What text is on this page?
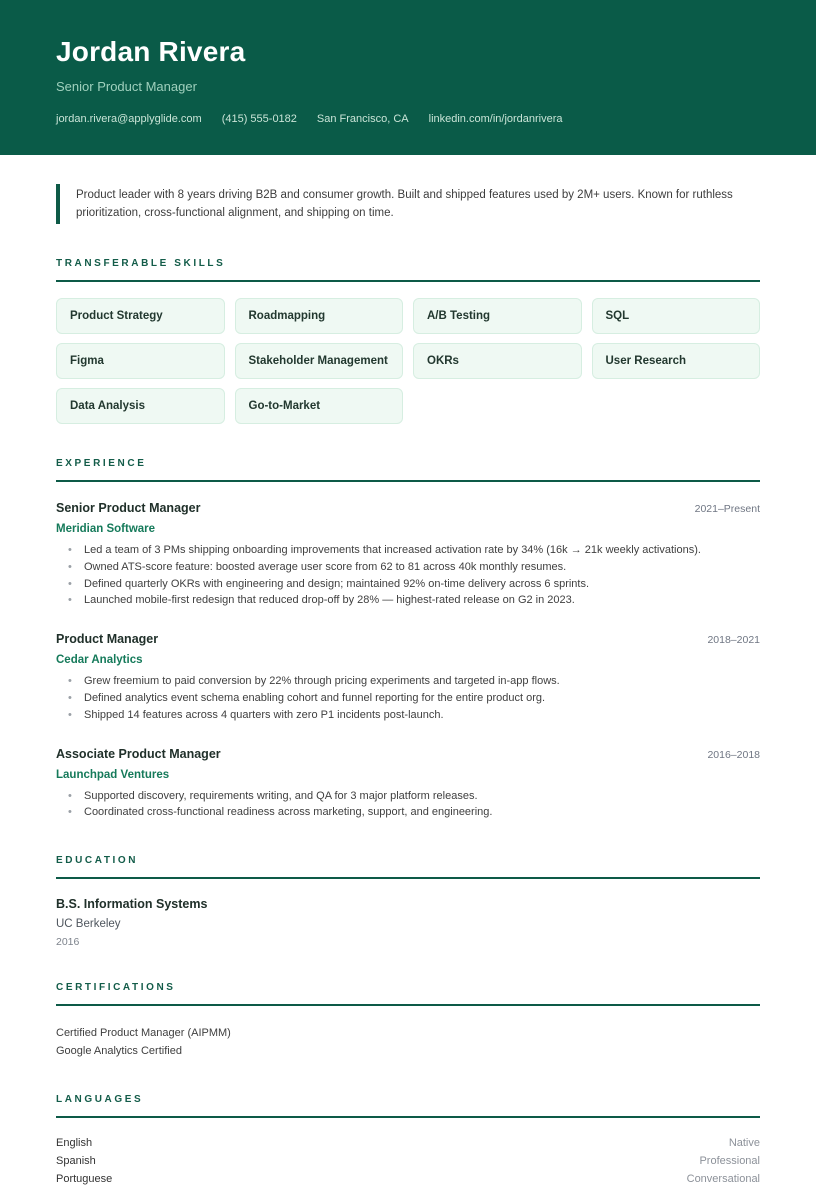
Jordan Rivera
Senior Product Manager
jordan.rivera@applyglide.com (415) 555-0182 San Francisco, CA linkedin.com/in/jordanrivera
Product leader with 8 years driving B2B and consumer growth. Built and shipped features used by 2M+ users. Known for ruthless prioritization, cross-functional alignment, and shipping on time.
TRANSFERABLE SKILLS
Product Strategy	Roadmapping	A/B Testing	SQL
Figma	Stakeholder Management	OKRs	User Research
Data Analysis	Go-to-Market
EXPERIENCE
Senior Product Manager	2021–Present
Meridian Software
• Led a team of 3 PMs shipping onboarding improvements that increased activation rate by 34% (16k → 21k weekly activations).
• Owned ATS-score feature: boosted average user score from 62 to 81 across 40k monthly resumes.
• Defined quarterly OKRs with engineering and design; maintained 92% on-time delivery across 6 sprints.
• Launched mobile-first redesign that reduced drop-off by 28% — highest-rated release on G2 in 2023.
Product Manager	2018–2021
Cedar Analytics
• Grew freemium to paid conversion by 22% through pricing experiments and targeted in-app flows.
• Defined analytics event schema enabling cohort and funnel reporting for the entire product org.
• Shipped 14 features across 4 quarters with zero P1 incidents post-launch.
Associate Product Manager	2016–2018
Launchpad Ventures
• Supported discovery, requirements writing, and QA for 3 major platform releases.
• Coordinated cross-functional readiness across marketing, support, and engineering.
EDUCATION
B.S. Information Systems
UC Berkeley
2016
CERTIFICATIONS
Certified Product Manager (AIPMM)
Google Analytics Certified
LANGUAGES
English	Native
Spanish	Professional
Portuguese	Conversational
